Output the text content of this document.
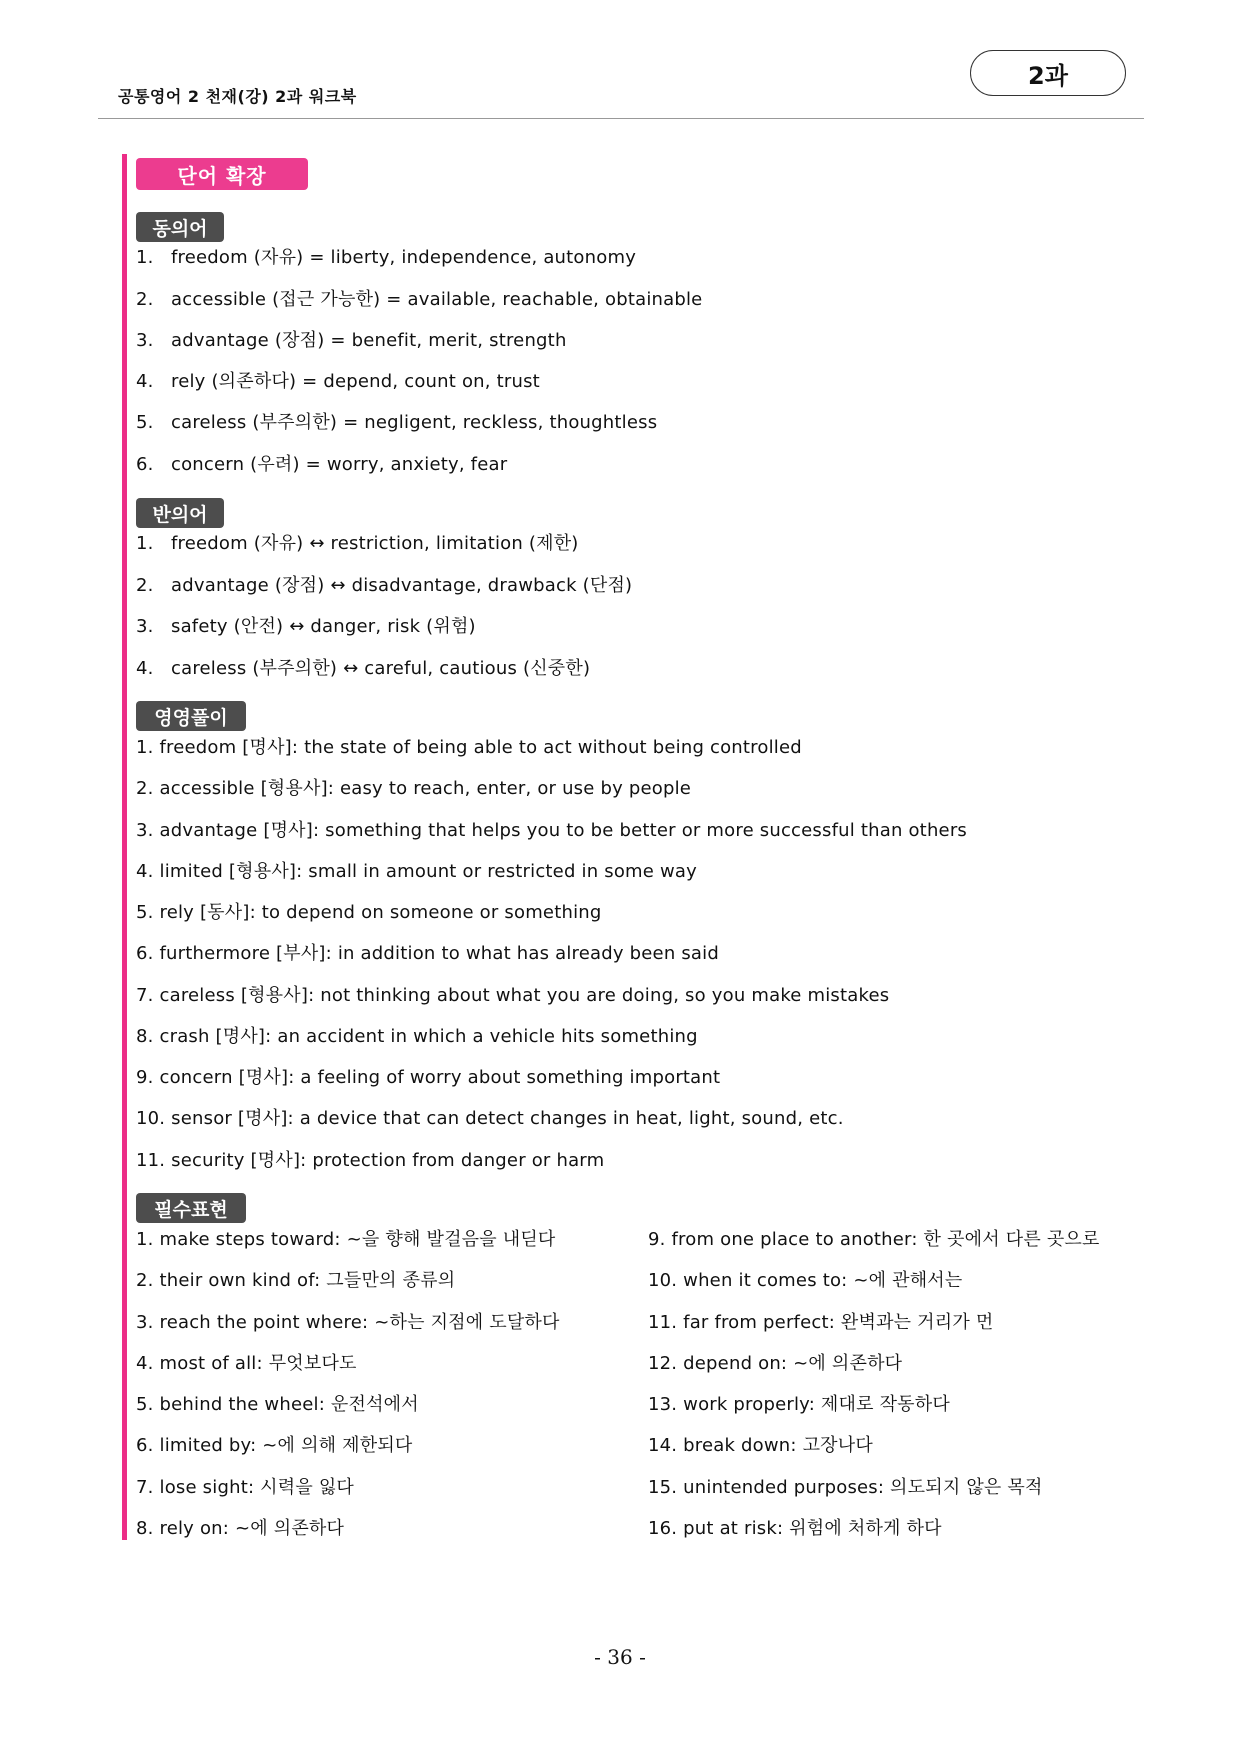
공통영어 2 천재(강) 2과 워크북
2과
단어 확장
동의어
1. freedom (자유) = liberty, independence, autonomy
2. accessible (접근 가능한) = available, reachable, obtainable
3. advantage (장점) = benefit, merit, strength
4. rely (의존하다) = depend, count on, trust
5. careless (부주의한) = negligent, reckless, thoughtless
6. concern (우려) = worry, anxiety, fear
반의어
1. freedom (자유) ↔ restriction, limitation (제한)
2. advantage (장점) ↔ disadvantage, drawback (단점)
3. safety (안전) ↔ danger, risk (위험)
4. careless (부주의한) ↔ careful, cautious (신중한)
영영풀이
1. freedom [명사]: the state of being able to act without being controlled
2. accessible [형용사]: easy to reach, enter, or use by people
3. advantage [명사]: something that helps you to be better or more successful than others
4. limited [형용사]: small in amount or restricted in some way
5. rely [동사]: to depend on someone or something
6. furthermore [부사]: in addition to what has already been said
7. careless [형용사]: not thinking about what you are doing, so you make mistakes
8. crash [명사]: an accident in which a vehicle hits something
9. concern [명사]: a feeling of worry about something important
10. sensor [명사]: a device that can detect changes in heat, light, sound, etc.
11. security [명사]: protection from danger or harm
필수표현
1. make steps toward: ~을 향해 발걸음을 내딛다
2. their own kind of: 그들만의 종류의
3. reach the point where: ~하는 지점에 도달하다
4. most of all: 무엇보다도
5. behind the wheel: 운전석에서
6. limited by: ~에 의해 제한되다
7. lose sight: 시력을 잃다
8. rely on: ~에 의존하다
9. from one place to another: 한 곳에서 다른 곳으로
10. when it comes to: ~에 관해서는
11. far from perfect: 완벽과는 거리가 먼
12. depend on: ~에 의존하다
13. work properly: 제대로 작동하다
14. break down: 고장나다
15. unintended purposes: 의도되지 않은 목적
16. put at risk: 위험에 처하게 하다
- 36 -
